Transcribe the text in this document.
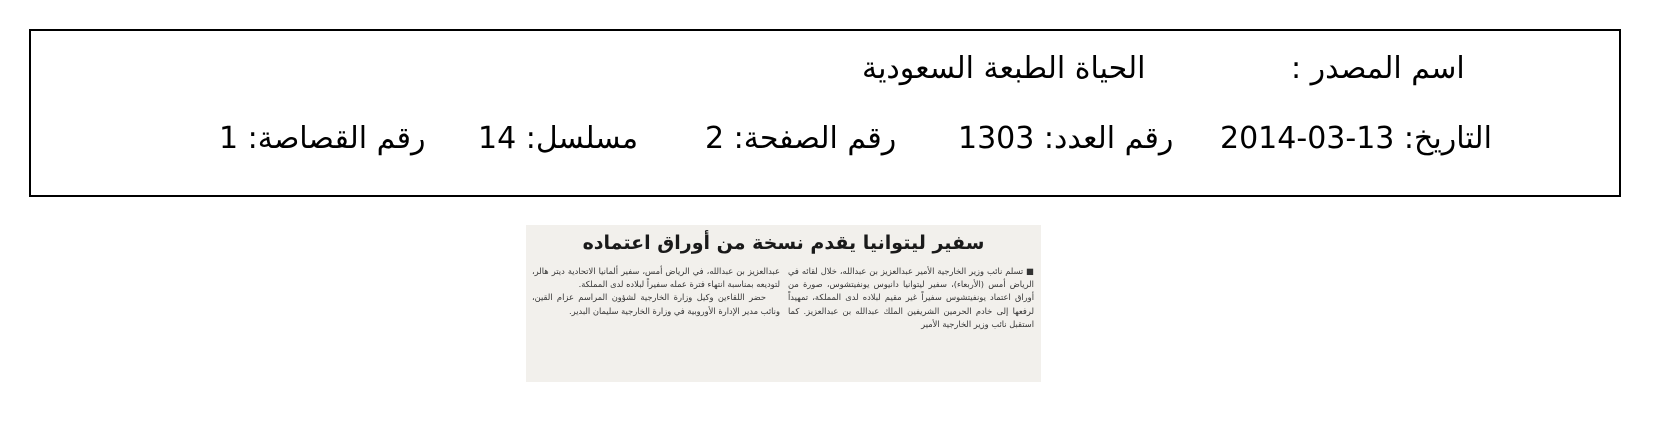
اسم المصدر :
الحياة الطبعة السعودية
التاريخ: 13-03-2014
رقم العدد: 1303
رقم الصفحة: 2
مسلسل: 14
رقم القصاصة: 1
سفير ليتوانيا يقدم نسخة من أوراق اعتماده
■ تسلم نائب وزير الخارجية الأمير عبدالعزيز بن عبدالله، خلال لقائه في الرياض أمس (الأربعاء)، سفير ليتوانيا دانيوس يونفيتشوس، صورة من أوراق اعتماد يونفيتشوس سفيراً غير مقيم لبلاده لدى المملكة، تمهيداً لرفعها إلى خادم الحرمين الشريفين الملك عبدالله بن عبدالعزيز. كما استقبل نائب وزير الخارجية الأمير
عبدالعزيز بن عبدالله، في الرياض أمس، سفير ألمانيا الاتحادية ديتر هالر، لتوديعه بمناسبة انتهاء فترة عمله سفيراً لبلاده لدى المملكة.
حضر اللقاءين وكيل وزارة الخارجية لشؤون المراسم عزام القين، ونائب مدير الإدارة الأوروبية في وزارة الخارجية سليمان البدير.
